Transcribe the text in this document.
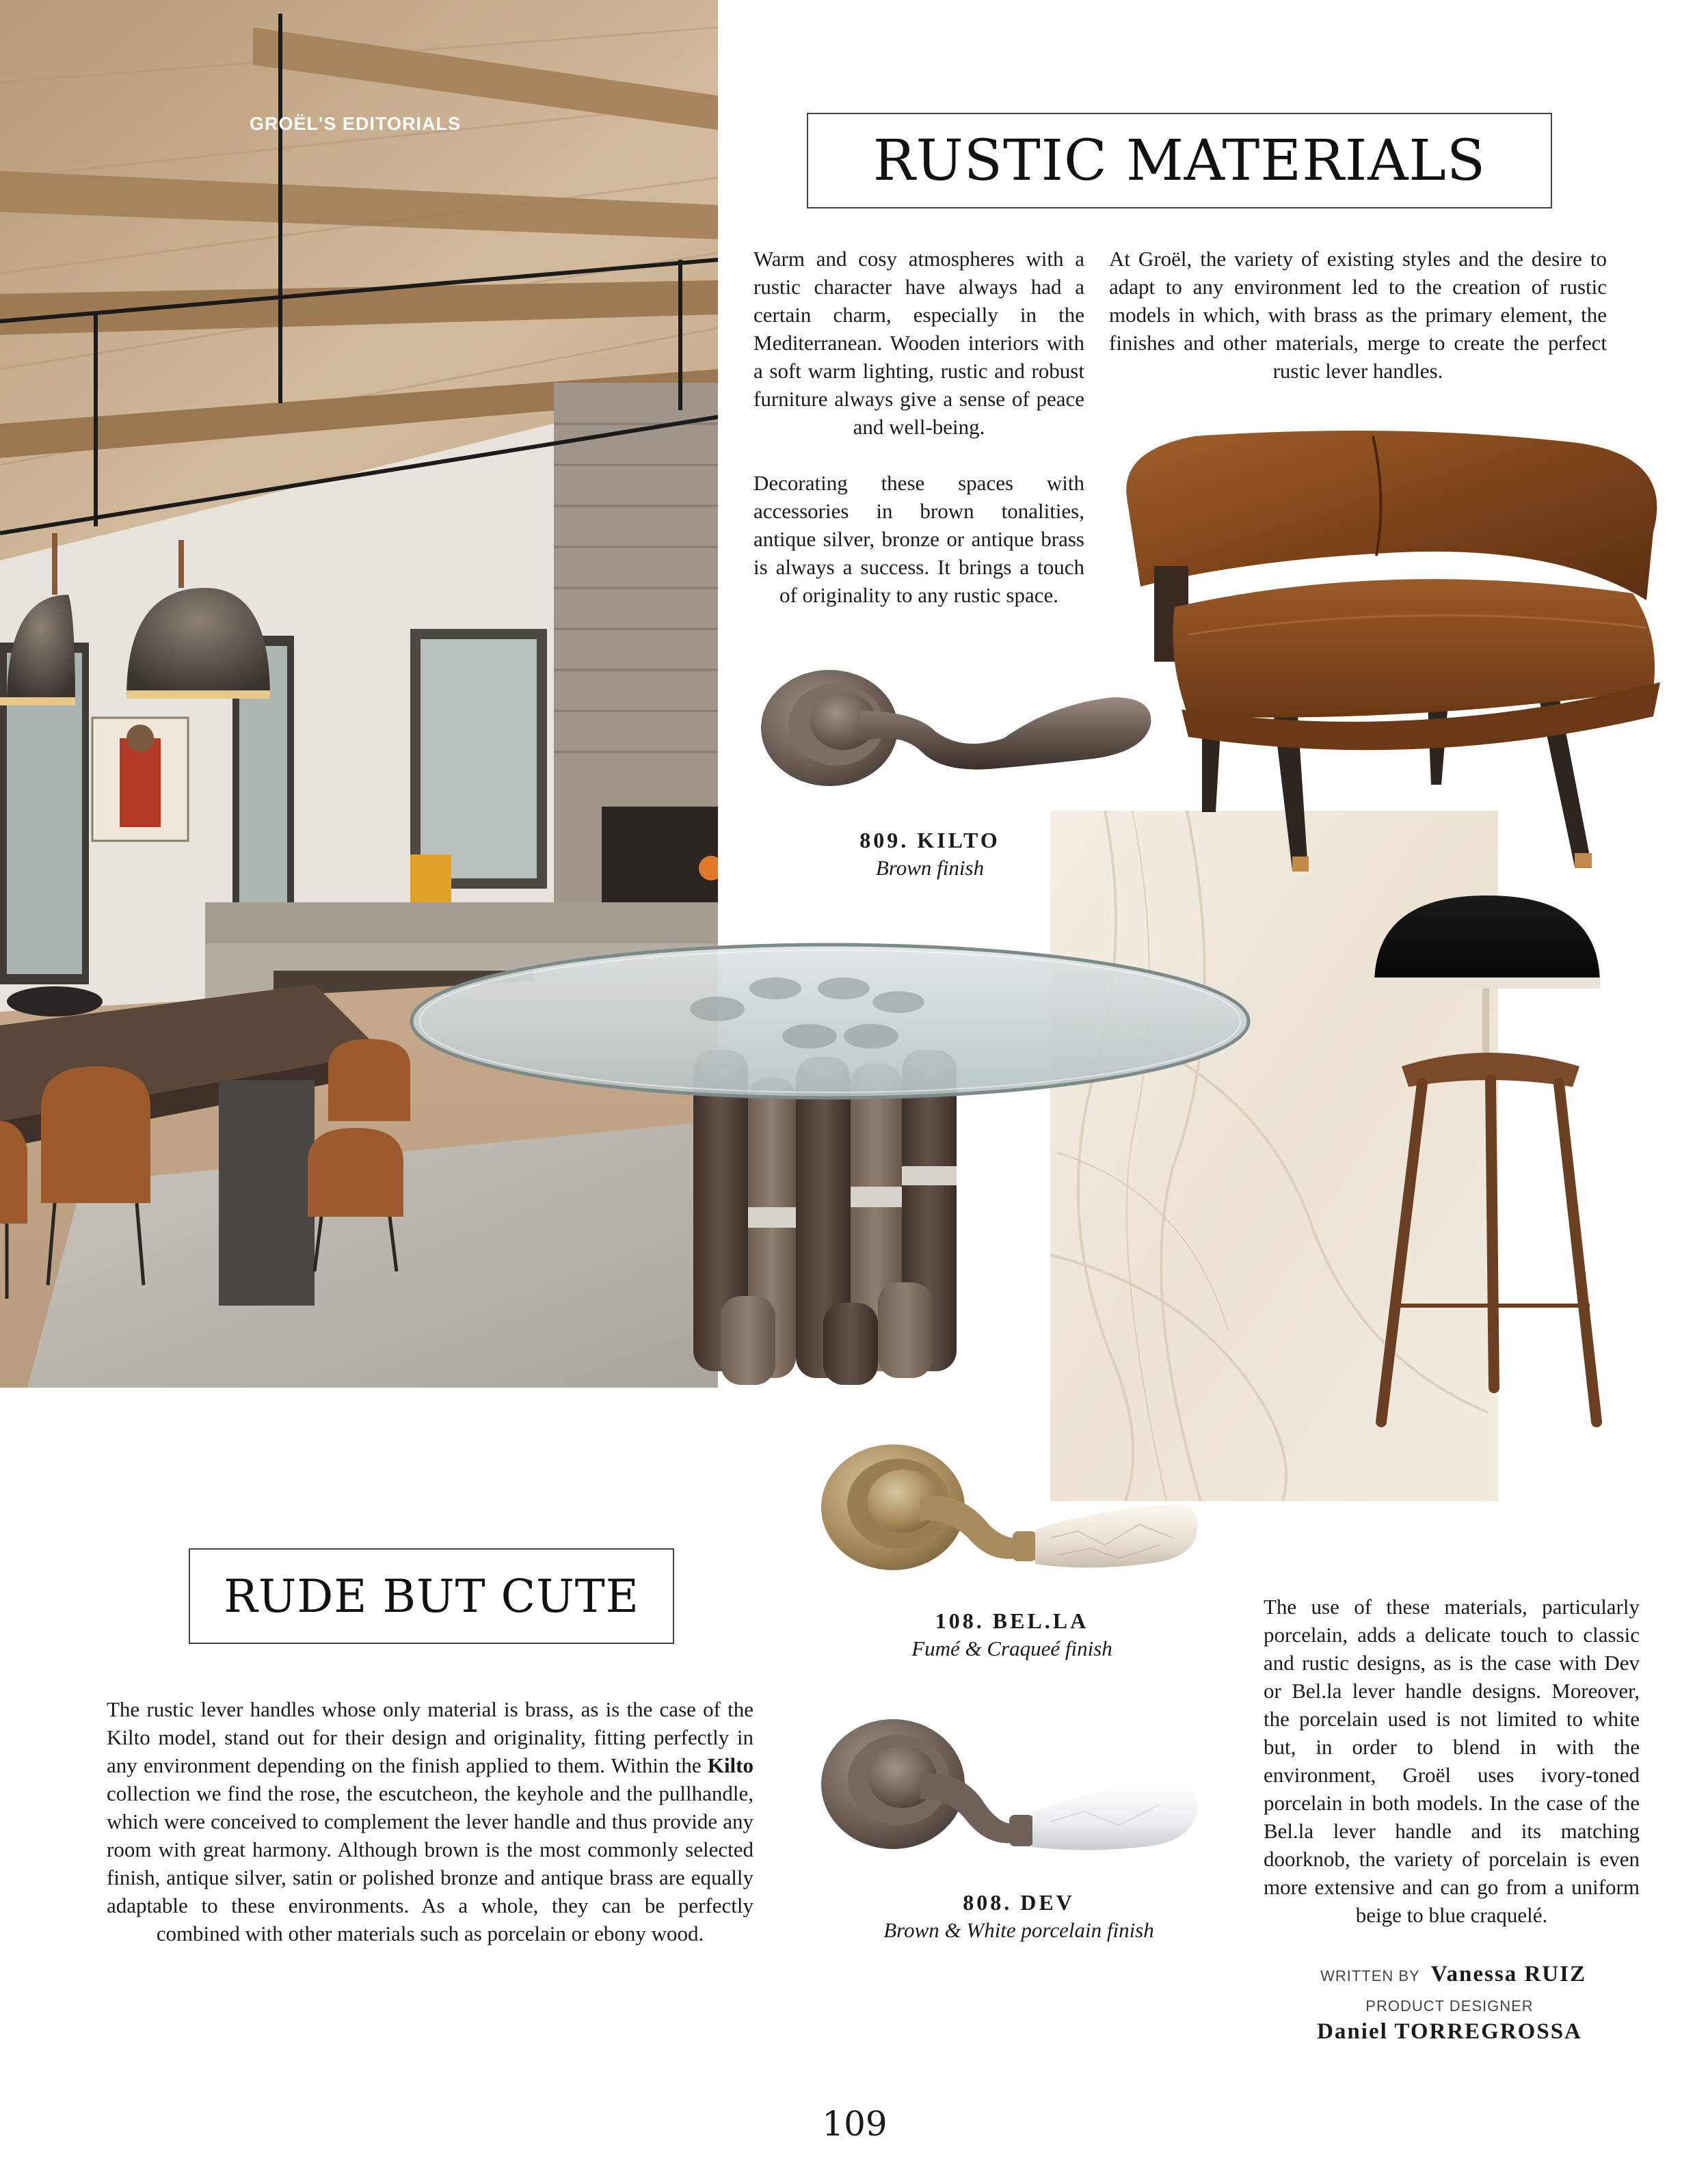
GROËL'S EDITORIALS
RUSTIC MATERIALS
Warm and cosy atmospheres with a rustic character have always had a certain charm, especially in the Mediterranean. Wooden interiors with a soft warm lighting, rustic and robust furniture always give a sense of peace and well-being.
Decorating these spaces with accessories in brown tonalities, antique silver, bronze or antique brass is always a success. It brings a touch of originality to any rustic space.
At Groël, the variety of existing styles and the desire to adapt to any environment led to the creation of rustic models in which, with brass as the primary element, the finishes and other materials, merge to create the perfect rustic lever handles.
809. KILTO
Brown finish
108. BEL.LA
Fumé & Craqueé finish
808. DEV
Brown & White porcelain finish
RUDE BUT CUTE
The rustic lever handles whose only material is brass, as is the case of the Kilto model, stand out for their design and originality, fitting perfectly in any environment depending on the finish applied to them. Within the Kilto collection we find the rose, the escutcheon, the keyhole and the pullhandle, which were conceived to complement the lever handle and thus provide any room with great harmony. Although brown is the most commonly selected finish, antique silver, satin or polished bronze and antique brass are equally adaptable to these environments. As a whole, they can be perfectly combined with other materials such as porcelain or ebony wood.
The use of these materials, particularly porcelain, adds a delicate touch to classic and rustic designs, as is the case with Dev or Bel.la lever handle designs. Moreover, the porcelain used is not limited to white but, in order to blend in with the environment, Groël uses ivory-toned porcelain in both models. In the case of the Bel.la lever handle and its matching doorknob, the variety of porcelain is even more extensive and can go from a uniform beige to blue craquelé.
WRITTEN BY Vanessa RUIZ
PRODUCT DESIGNER
Daniel TORREGROSSA
109
